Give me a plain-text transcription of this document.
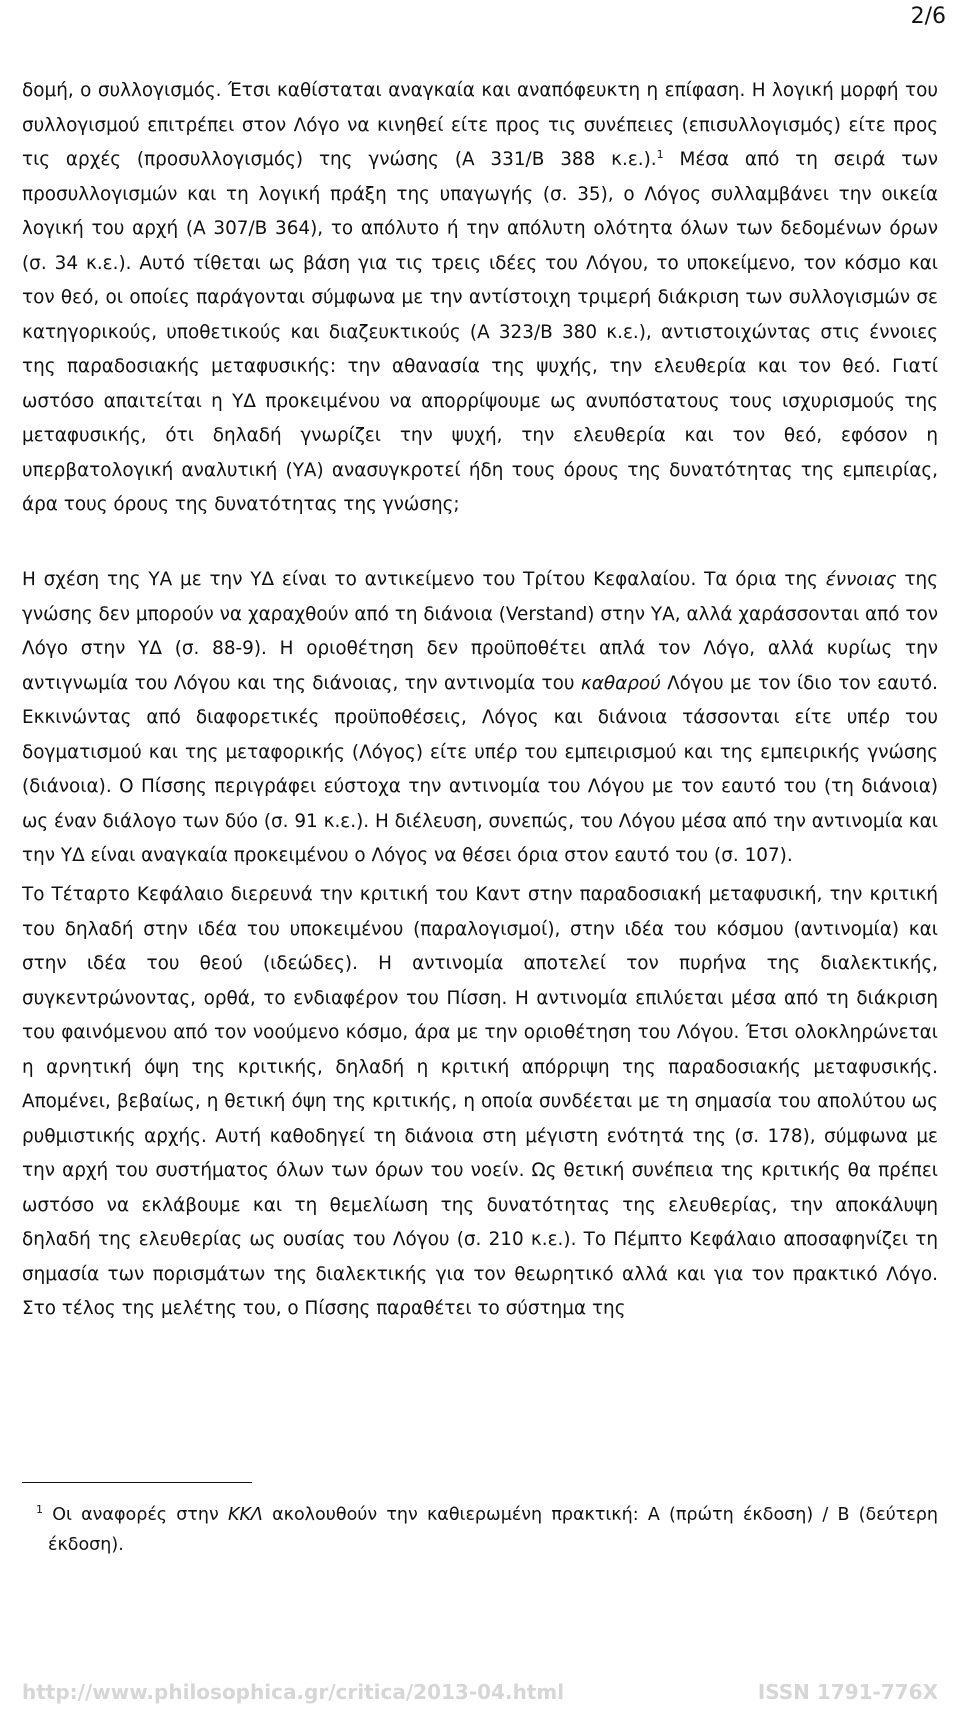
2/6

δομή, ο συλλογισμός. Έτσι καθίσταται αναγκαία και αναπόφευκτη η επίφαση. Η λογική μορφή του συλλογισμού επιτρέπει στον Λόγο να κινηθεί είτε προς τις συνέπειες (επισυλλογισμός) είτε προς τις αρχές (προσυλλογισμός) της γνώσης (Α 331/Β 388 κ.ε.).$^1$ Μέσα από τη σειρά των προσυλλογισμών και τη λογική πράξη της υπαγωγής (σ. 35), ο Λόγος συλλαμβάνει την οικεία λογική του αρχή (Α 307/Β 364), το απόλυτο ή την απόλυτη ολότητα όλων των δεδομένων όρων (σ. 34 κ.ε.). Αυτό τίθεται ως βάση για τις τρεις ιδέες του Λόγου, το υποκείμενο, τον κόσμο και τον θεό, οι οποίες παράγονται σύμφωνα με την αντίστοιχη τριμερή διάκριση των συλλογισμών σε κατηγορικούς, υποθετικούς και διαζευκτικούς (Α 323/Β 380 κ.ε.), αντιστοιχώντας στις έννοιες της παραδοσιακής μεταφυσικής: την αθανασία της ψυχής, την ελευθερία και τον θεό. Γιατί ωστόσο απαιτείται η ΥΔ προκειμένου να απορρίψουμε ως ανυπόστατους τους ισχυρισμούς της μεταφυσικής, ότι δηλαδή γνωρίζει την ψυχή, την ελευθερία και τον θεό, εφόσον η υπερβατολογική αναλυτική (ΥΑ) ανασυγκροτεί ήδη τους όρους της δυνατότητας της εμπειρίας, άρα τους όρους της δυνατότητας της γνώσης;

Η σχέση της ΥΑ με την ΥΔ είναι το αντικείμενο του Τρίτου Κεφαλαίου. Τα όρια της έννοιας της γνώσης δεν μπορούν να χαραχθούν από τη διάνοια (Verstand) στην ΥΑ, αλλά χαράσσονται από τον Λόγο στην ΥΔ (σ. 88-9). Η οριοθέτηση δεν προϋποθέτει απλά τον Λόγο, αλλά κυρίως την αντιγνωμία του Λόγου και της διάνοιας, την αντινομία του καθαρού Λόγου με τον ίδιο τον εαυτό. Εκκινώντας από διαφορετικές προϋποθέσεις, Λόγος και διάνοια τάσσονται είτε υπέρ του δογματισμού και της μεταφορικής (Λόγος) είτε υπέρ του εμπειρισμού και της εμπειρικής γνώσης (διάνοια). Ο Πίσσης περιγράφει εύστοχα την αντινομία του Λόγου με τον εαυτό του (τη διάνοια) ως έναν διάλογο των δύο (σ. 91 κ.ε.). Η διέλευση, συνεπώς, του Λόγου μέσα από την αντινομία και την ΥΔ είναι αναγκαία προκειμένου ο Λόγος να θέσει όρια στον εαυτό του (σ. 107).

Το Τέταρτο Κεφάλαιο διερευνά την κριτική του Καντ στην παραδοσιακή μεταφυσική, την κριτική του δηλαδή στην ιδέα του υποκειμένου (παραλογισμοί), στην ιδέα του κόσμου (αντινομία) και στην ιδέα του θεού (ιδεώδες). Η αντινομία αποτελεί τον πυρήνα της διαλεκτικής, συγκεντρώνοντας, ορθά, το ενδιαφέρον του Πίσση. Η αντινομία επιλύεται μέσα από τη διάκριση του φαινόμενου από τον νοούμενο κόσμο, άρα με την οριοθέτηση του Λόγου. Έτσι ολοκληρώνεται η αρνητική όψη της κριτικής, δηλαδή η κριτική απόρριψη της παραδοσιακής μεταφυσικής. Απομένει, βεβαίως, η θετική όψη της κριτικής, η οποία συνδέεται με τη σημασία του απολύτου ως ρυθμιστικής αρχής. Αυτή καθοδηγεί τη διάνοια στη μέγιστη ενότητά της (σ. 178), σύμφωνα με την αρχή του συστήματος όλων των όρων του νοείν. Ως θετική συνέπεια της κριτικής θα πρέπει ωστόσο να εκλάβουμε και τη θεμελίωση της δυνατότητας της ελευθερίας, την αποκάλυψη δηλαδή της ελευθερίας ως ουσίας του Λόγου (σ. 210 κ.ε.). Το Πέμπτο Κεφάλαιο αποσαφηνίζει τη σημασία των πορισμάτων της διαλεκτικής για τον θεωρητικό αλλά και για τον πρακτικό Λόγο. Στο τέλος της μελέτης του, ο Πίσσης παραθέτει το σύστημα της

$^1$ Οι αναφορές στην ΚΚΛ ακολουθούν την καθιερωμένη πρακτική: Α (πρώτη έκδοση) / Β (δεύτερη έκδοση).

http://www.philosophica.gr/critica/2013-04.html	ISSN 1791-776X
